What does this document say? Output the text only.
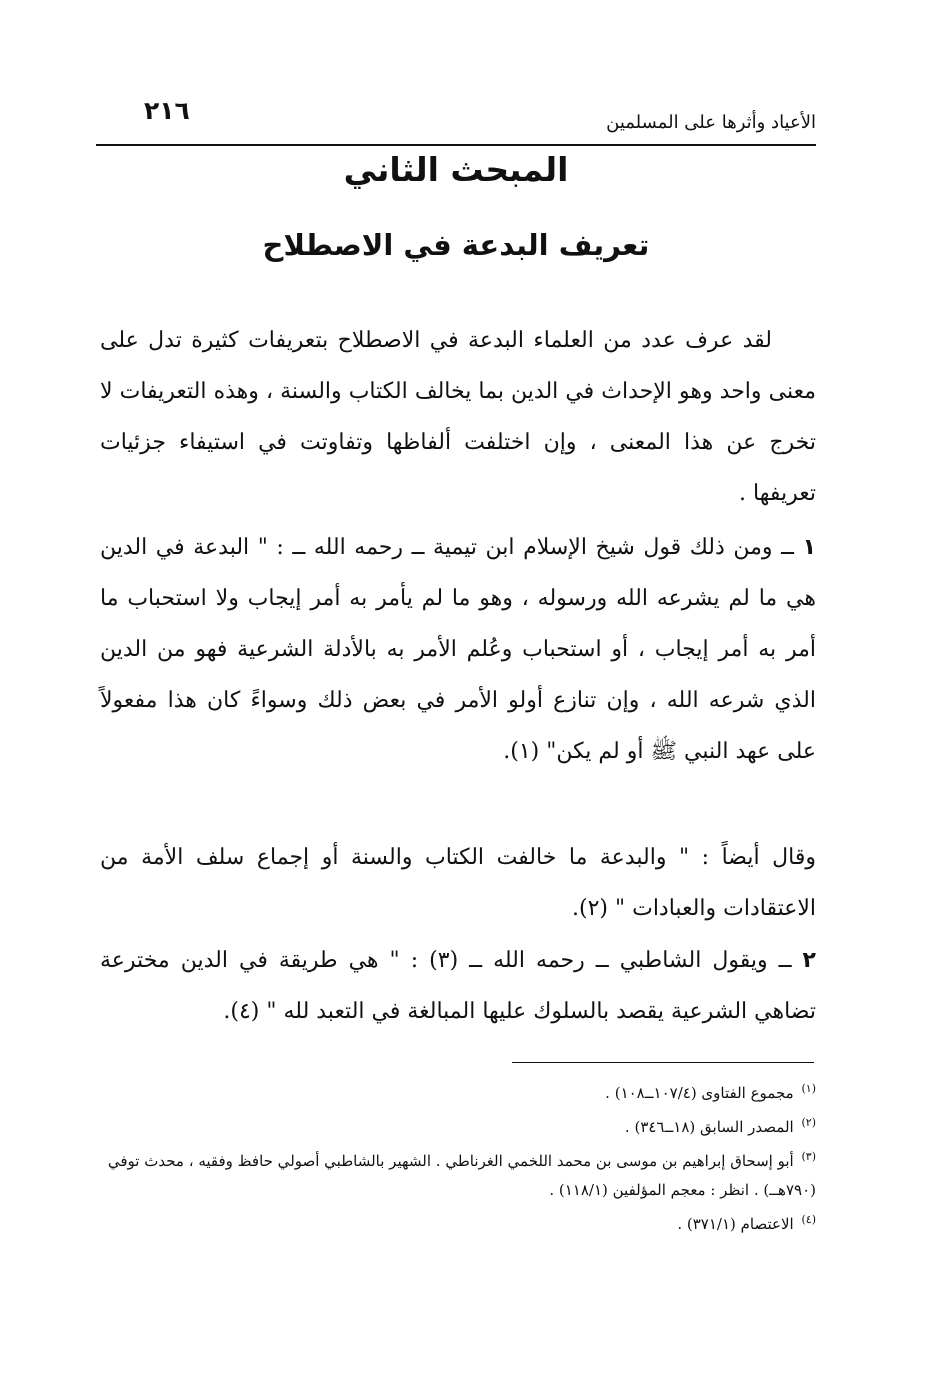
٢١٦	الأعياد وأثرها على المسلمين
المبحث الثاني
تعريف البدعة في الاصطلاح
لقد عرف عدد من العلماء البدعة في الاصطلاح بتعريفات كثيرة تدل على معنى واحد وهو الإحداث في الدين بما يخالف الكتاب والسنة ، وهذه التعريفات لا تخرج عن هذا المعنى ، وإن اختلفت ألفاظها وتفاوتت في استيفاء جزئيات تعريفها .
١ ــ ومن ذلك قول شيخ الإسلام ابن تيمية ــ رحمه الله ــ : " البدعة في الدين هي ما لم يشرعه الله ورسوله ، وهو ما لم يأمر به أمر إيجاب ولا استحباب ما أمر به أمر إيجاب ، أو استحباب وعُلم الأمر به بالأدلة الشرعية فهو من الدين الذي شرعه الله ، وإن تنازع أولو الأمر في بعض ذلك وسواءً كان هذا مفعولاً على عهد النبي ﷺ أو لم يكن" (١).
وقال أيضاً : " والبدعة ما خالفت الكتاب والسنة أو إجماع سلف الأمة من الاعتقادات والعبادات " (٢).
٢ ــ ويقول الشاطبي ــ رحمه الله ــ (٣) : " هي طريقة في الدين مخترعة تضاهي الشرعية يقصد بالسلوك عليها المبالغة في التعبد لله " (٤).
$^{(١)}$ مجموع الفتاوى (١٠٧/٤ــ١٠٨) .
$^{(٢)}$ المصدر السابق (١٨ــ٣٤٦) .
$^{(٣)}$ أبو إسحاق إبراهيم بن موسى بن محمد اللخمي الغرناطي . الشهير بالشاطبي أصولي حافظ وفقيه ، محدث توفي (٧٩٠هــ) . انظر : معجم المؤلفين (١١٨/١) .
$^{(٤)}$ الاعتصام (٣٧١/١) .
